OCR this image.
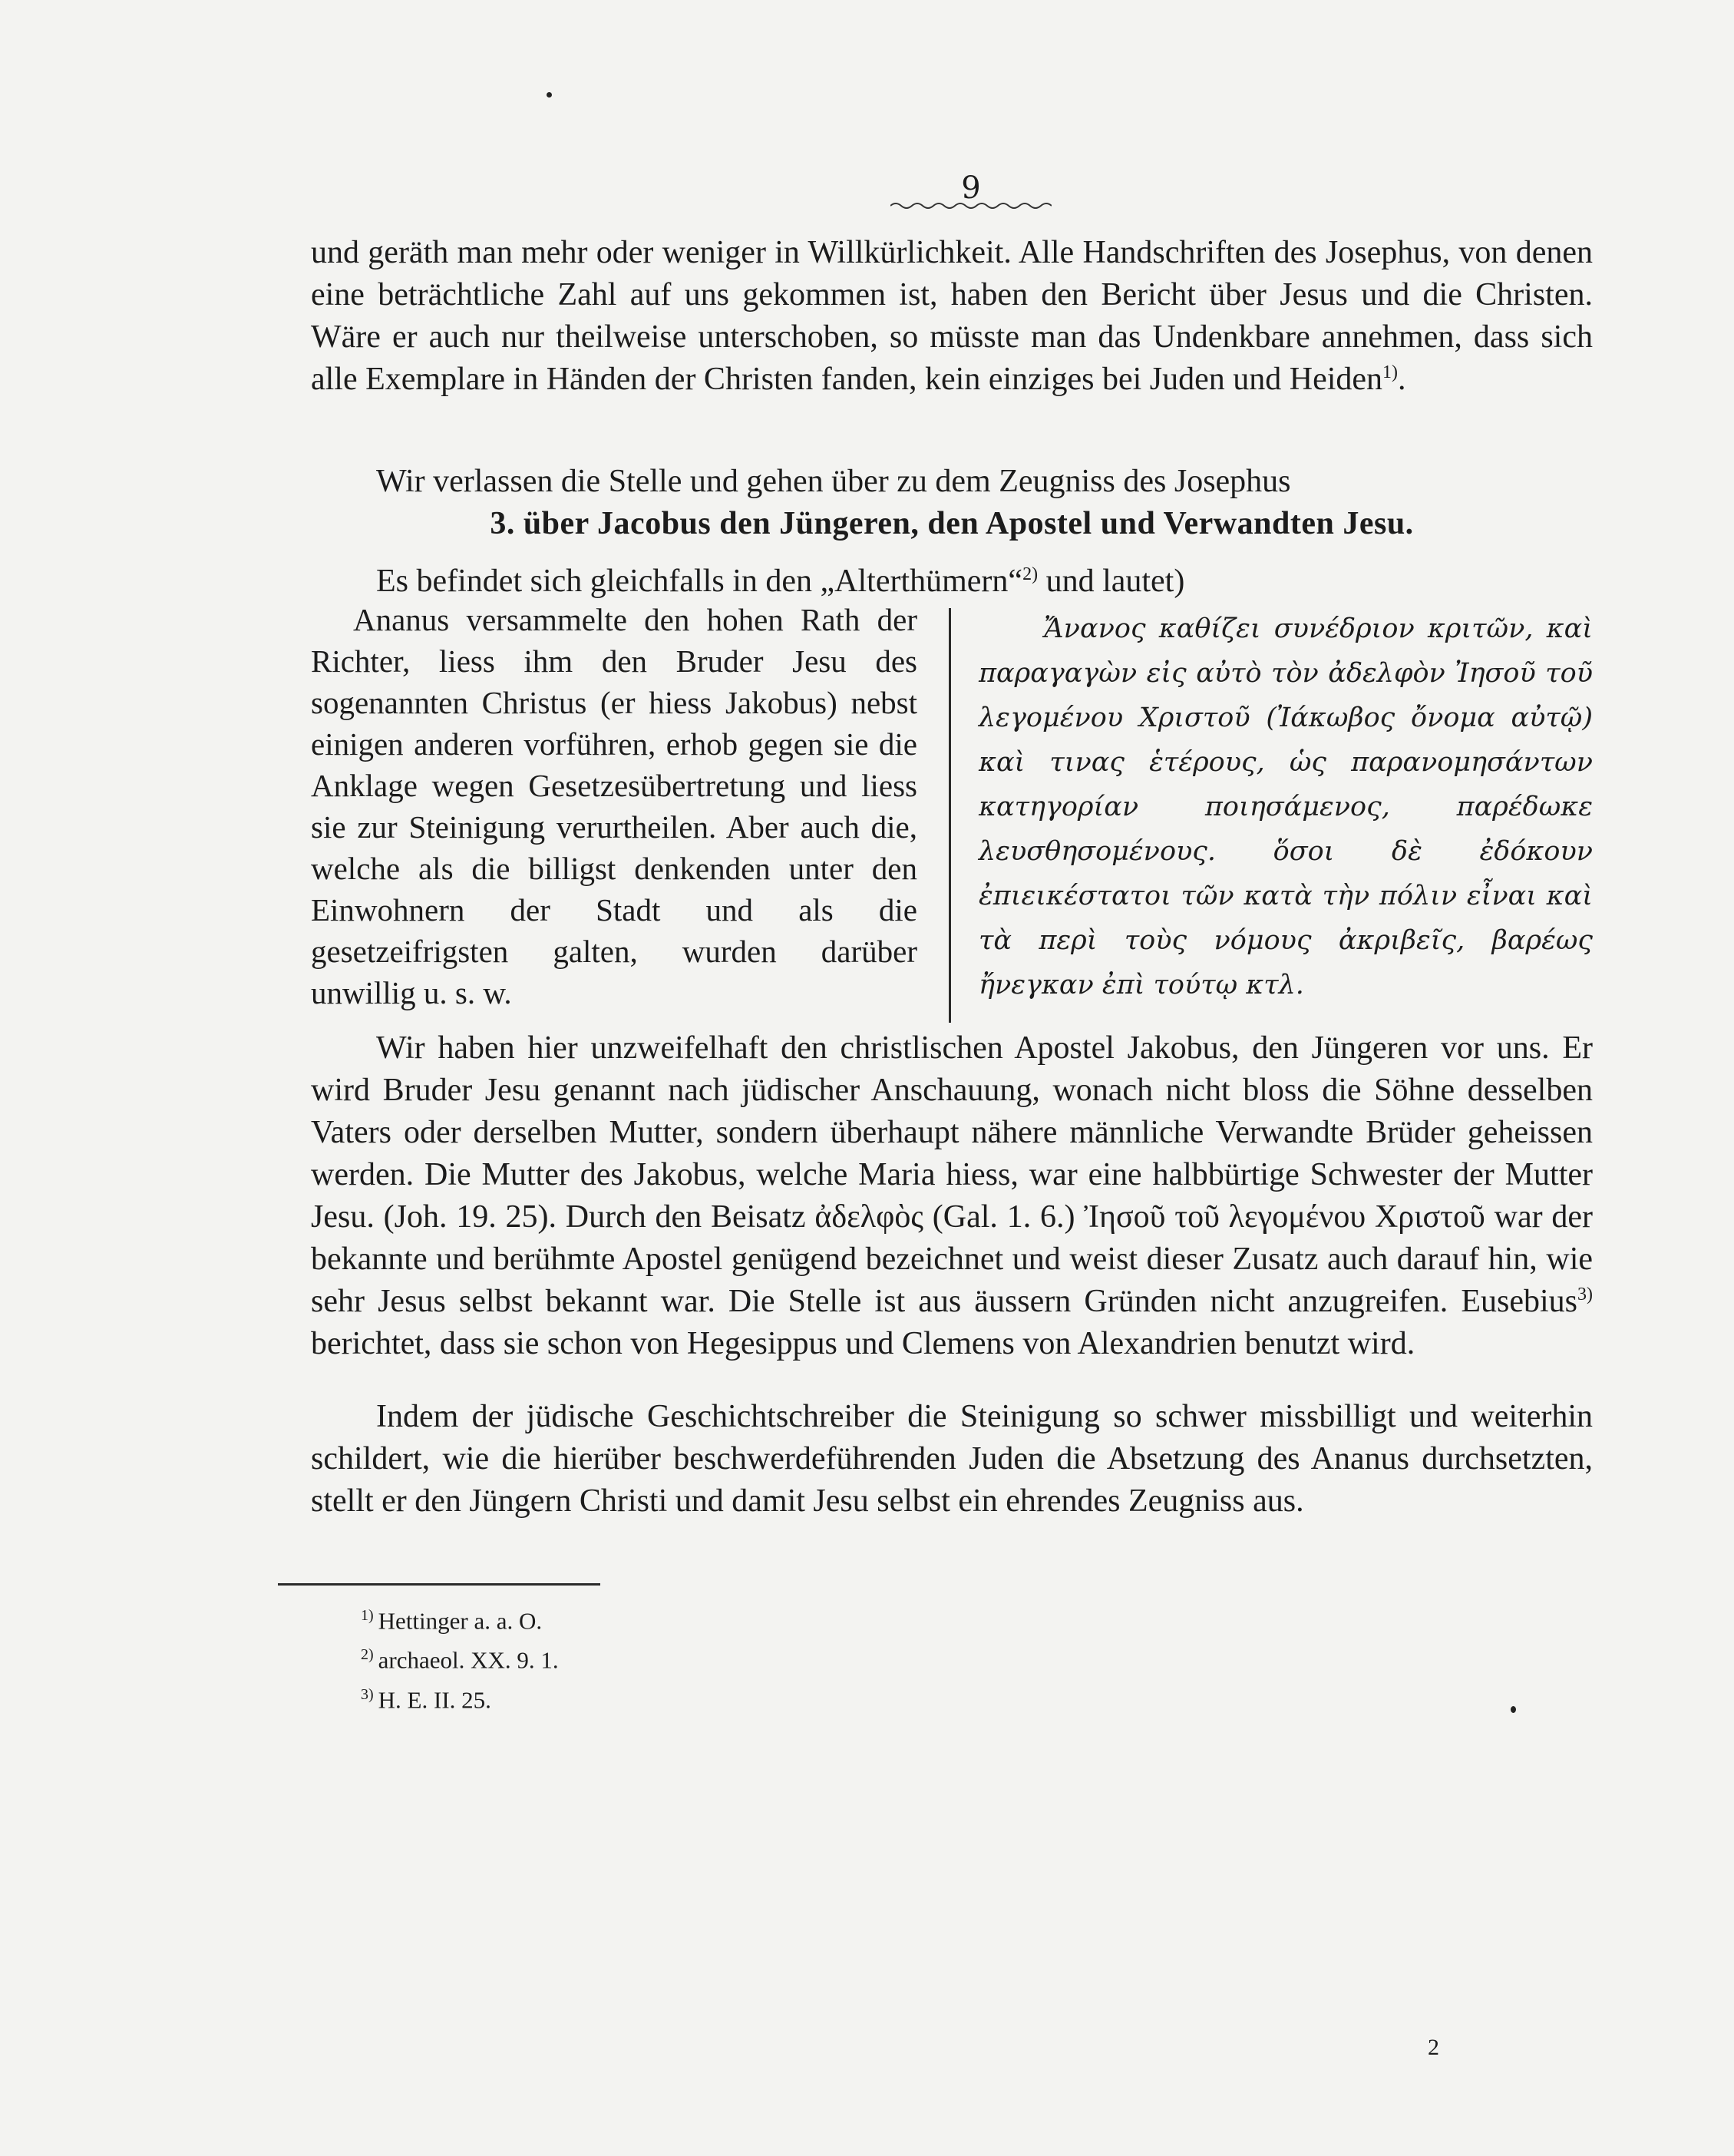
9
und geräth man mehr oder weniger in Willkürlichkeit. Alle Handschriften des Josephus, von denen eine beträchtliche Zahl auf uns gekommen ist, haben den Bericht über Jesus und die Christen. Wäre er auch nur theilweise unterschoben, so müsste man das Undenkbare annehmen, dass sich alle Exemplare in Händen der Christen fanden, kein einziges bei Juden und Heiden$^{1)}$.
Wir verlassen die Stelle und gehen über zu dem Zeugniss des Josephus
3. über Jacobus den Jüngeren, den Apostel und Verwandten Jesu.
Es befindet sich gleichfalls in den „Alterthümern“$^{2)}$ und lautet)
Ananus versammelte den hohen Rath der Richter, liess ihm den Bruder Jesu des sogenannten Christus (er hiess Jakobus) nebst einigen anderen vorführen, erhob gegen sie die Anklage wegen Gesetzesübertretung und liess sie zur Steinigung verurtheilen. Aber auch die, welche als die billigst denkenden unter den Einwohnern der Stadt und als die gesetzeifrigsten galten, wurden darüber unwillig u. s. w.
Ἄνανος καθίζει συνέδριον κριτῶν, καὶ παραγαγὼν εἰς αὐτὸ τὸν ἀδελφὸν Ἰησοῦ τοῦ λεγομένου Χριστοῦ (Ἰάκωβος ὄνομα αὐτῷ) καὶ τινας ἑτέρους, ὡς παρανομησάντων κατηγορίαν ποιησάμενος, παρέδωκε λευσθησομένους. ὅσοι δὲ ἐδόκουν ἐπιεικέστατοι τῶν κατὰ τὴν πόλιν εἶναι καὶ τὰ περὶ τοὺς νόμους ἀκριβεῖς, βαρέως ἤνεγκαν ἐπὶ τούτῳ κτλ.
Wir haben hier unzweifelhaft den christlischen Apostel Jakobus, den Jüngeren vor uns. Er wird Bruder Jesu genannt nach jüdischer Anschauung, wonach nicht bloss die Söhne desselben Vaters oder derselben Mutter, sondern überhaupt nähere männliche Verwandte Brüder geheissen werden. Die Mutter des Jakobus, welche Maria hiess, war eine halbbürtige Schwester der Mutter Jesu. (Joh. 19. 25). Durch den Beisatz ἀδελφὸς (Gal. 1. 6.) Ἰησοῦ τοῦ λεγομένου Χριστοῦ war der bekannte und berühmte Apostel genügend bezeichnet und weist dieser Zusatz auch darauf hin, wie sehr Jesus selbst bekannt war. Die Stelle ist aus äussern Gründen nicht anzugreifen. Eusebius$^{3)}$ berichtet, dass sie schon von Hegesippus und Clemens von Alexandrien benutzt wird.
Indem der jüdische Geschichtschreiber die Steinigung so schwer missbilligt und weiterhin schildert, wie die hierüber beschwerdeführenden Juden die Absetzung des Ananus durchsetzten, stellt er den Jüngern Christi und damit Jesu selbst ein ehrendes Zeugniss aus.
$^{1)}$ Hettinger a. a. O.
$^{2)}$ archaeol. XX. 9. 1.
$^{3)}$ H. E. II. 25.
2
